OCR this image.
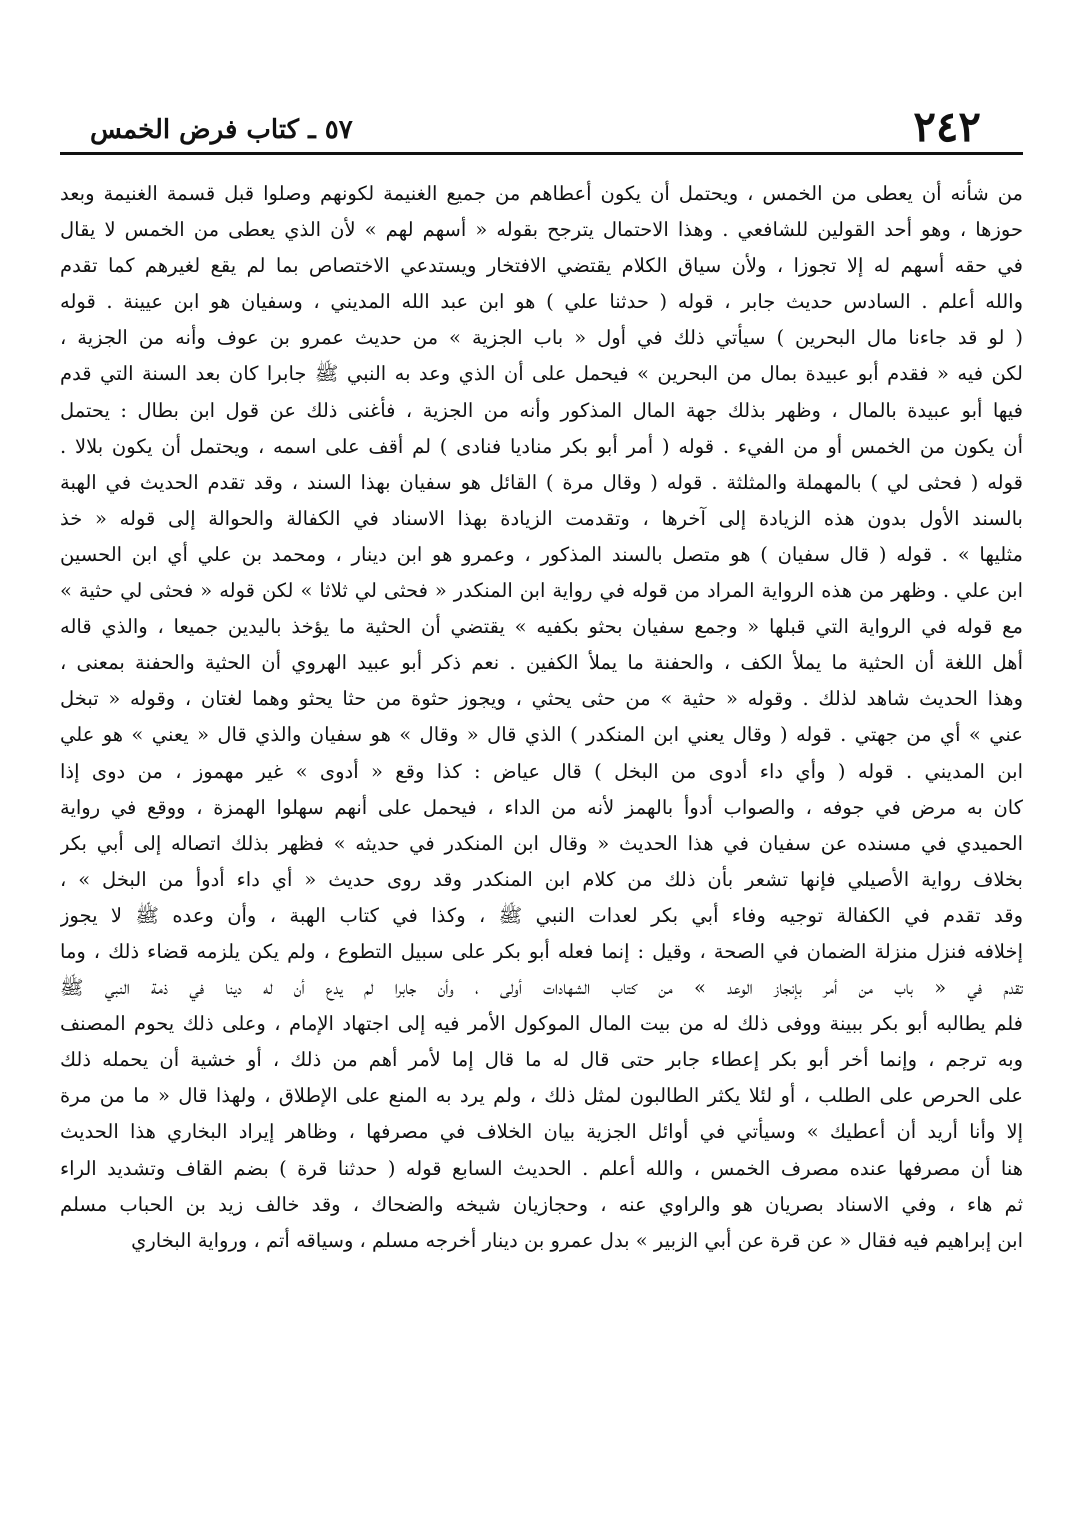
٢٤٢
٥٧ ـ كتاب فرض الخمس
من شأنه أن يعطى من الخمس ، ويحتمل أن يكون أعطاهم من جميع الغنيمة لكونهم وصلوا قبل قسمة الغنيمة وبعد
حوزها ، وهو أحد القولين للشافعي . وهذا الاحتمال يترجح بقوله « أسهم لهم » لأن الذي يعطى من الخمس لا يقال
في حقه أسهم له إلا تجوزا ، ولأن سياق الكلام يقتضي الافتخار ويستدعي الاختصاص بما لم يقع لغيرهم كما تقدم
والله أعلم . السادس حديث جابر ، قوله ( حدثنا علي ) هو ابن عبد الله المديني ، وسفيان هو ابن عيينة . قوله
( لو قد جاءنا مال البحرين ) سيأتي ذلك في أول « باب الجزية » من حديث عمرو بن عوف وأنه من الجزية ،
لكن فيه « فقدم أبو عبيدة بمال من البحرين » فيحمل على أن الذي وعد به النبي ﷺ جابرا كان بعد السنة التي قدم
فيها أبو عبيدة بالمال ، وظهر بذلك جهة المال المذكور وأنه من الجزية ، فأغنى ذلك عن قول ابن بطال : يحتمل
أن يكون من الخمس أو من الفيء . قوله ( أمر أبو بكر مناديا فنادى ) لم أقف على اسمه ، ويحتمل أن يكون بلالا .
قوله ( فحثى لي ) بالمهملة والمثلثة . قوله ( وقال مرة ) القائل هو سفيان بهذا السند ، وقد تقدم الحديث في الهبة
بالسند الأول بدون هذه الزيادة إلى آخرها ، وتقدمت الزيادة بهذا الاسناد في الكفالة والحوالة إلى قوله « خذ
مثليها » . قوله ( قال سفيان ) هو متصل بالسند المذكور ، وعمرو هو ابن دينار ، ومحمد بن علي أي ابن الحسين
ابن علي . وظهر من هذه الرواية المراد من قوله في رواية ابن المنكدر « فحثى لي ثلاثا » لكن قوله « فحثى لي حثية »
مع قوله في الرواية التي قبلها « وجمع سفيان بحثو بكفيه » يقتضي أن الحثية ما يؤخذ باليدين جميعا ، والذي قاله
أهل اللغة أن الحثية ما يملأ الكف ، والحفنة ما يملأ الكفين . نعم ذكر أبو عبيد الهروي أن الحثية والحفنة بمعنى ،
وهذا الحديث شاهد لذلك . وقوله « حثية » من حثى يحثي ، ويجوز حثوة من حثا يحثو وهما لغتان ، وقوله « تبخل
عني » أي من جهتي . قوله ( وقال يعني ابن المنكدر ) الذي قال « وقال » هو سفيان والذي قال « يعني » هو علي
ابن المديني . قوله ( وأي داء أدوى من البخل ) قال عياض : كذا وقع « أدوى » غير مهموز ، من دوى إذا
كان به مرض في جوفه ، والصواب أدوأ بالهمز لأنه من الداء ، فيحمل على أنهم سهلوا الهمزة ، ووقع في رواية
الحميدي في مسنده عن سفيان في هذا الحديث « وقال ابن المنكدر في حديثه » فظهر بذلك اتصاله إلى أبي بكر
بخلاف رواية الأصيلي فإنها تشعر بأن ذلك من كلام ابن المنكدر وقد روى حديث « أي داء أدوأ من البخل » ،
وقد تقدم في الكفالة توجيه وفاء أبي بكر لعدات النبي ﷺ ، وكذا في كتاب الهبة ، وأن وعده ﷺ لا يجوز
إخلافه فنزل منزلة الضمان في الصحة ، وقيل : إنما فعله أبو بكر على سبيل التطوع ، ولم يكن يلزمه قضاء ذلك ، وما
تقدم في « باب من أمر بإنجاز الوعد » من كتاب الشهادات أولى ، وأن جابرا لم يدع أن له دينا في ذمة النبي ﷺ
فلم يطالبه أبو بكر ببينة ووفى ذلك له من بيت المال الموكول الأمر فيه إلى اجتهاد الإمام ، وعلى ذلك يحوم المصنف
وبه ترجم ، وإنما أخر أبو بكر إعطاء جابر حتى قال له ما قال إما لأمر أهم من ذلك ، أو خشية أن يحمله ذلك
على الحرص على الطلب ، أو لئلا يكثر الطالبون لمثل ذلك ، ولم يرد به المنع على الإطلاق ، ولهذا قال « ما من مرة
إلا وأنا أريد أن أعطيك » وسيأتي في أوائل الجزية بيان الخلاف في مصرفها ، وظاهر إيراد البخاري هذا الحديث
هنا أن مصرفها عنده مصرف الخمس ، والله أعلم . الحديث السابع قوله ( حدثنا قرة ) بضم القاف وتشديد الراء
ثم هاء ، وفي الاسناد بصريان هو والراوي عنه ، وحجازيان شيخه والضحاك ، وقد خالف زيد بن الحباب مسلم
ابن إبراهيم فيه فقال « عن قرة عن أبي الزبير » بدل عمرو بن دينار أخرجه مسلم ، وسياقه أتم ، ورواية البخاري
